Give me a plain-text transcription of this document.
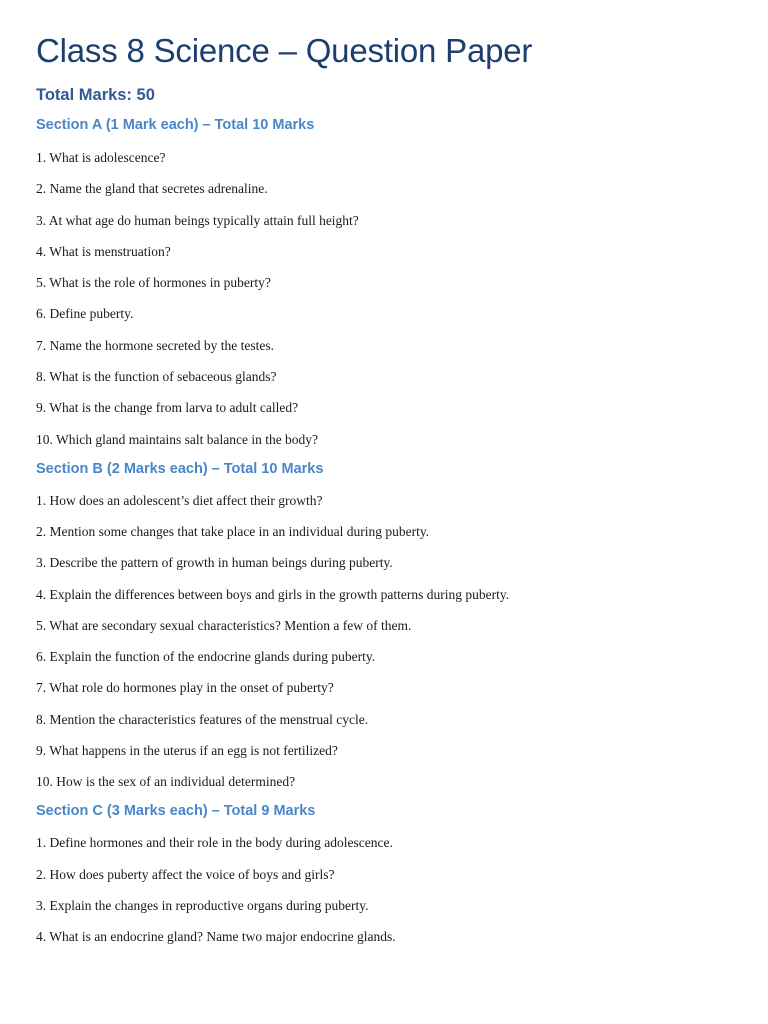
Class 8 Science – Question Paper
Total Marks: 50
Section A (1 Mark each) – Total 10 Marks
1. What is adolescence?
2. Name the gland that secretes adrenaline.
3. At what age do human beings typically attain full height?
4. What is menstruation?
5. What is the role of hormones in puberty?
6. Define puberty.
7. Name the hormone secreted by the testes.
8. What is the function of sebaceous glands?
9. What is the change from larva to adult called?
10. Which gland maintains salt balance in the body?
Section B (2 Marks each) – Total 10 Marks
1. How does an adolescent’s diet affect their growth?
2. Mention some changes that take place in an individual during puberty.
3. Describe the pattern of growth in human beings during puberty.
4. Explain the differences between boys and girls in the growth patterns during puberty.
5. What are secondary sexual characteristics? Mention a few of them.
6. Explain the function of the endocrine glands during puberty.
7. What role do hormones play in the onset of puberty?
8. Mention the characteristics features of the menstrual cycle.
9. What happens in the uterus if an egg is not fertilized?
10. How is the sex of an individual determined?
Section C (3 Marks each) – Total 9 Marks
1. Define hormones and their role in the body during adolescence.
2. How does puberty affect the voice of boys and girls?
3. Explain the changes in reproductive organs during puberty.
4. What is an endocrine gland? Name two major endocrine glands.
